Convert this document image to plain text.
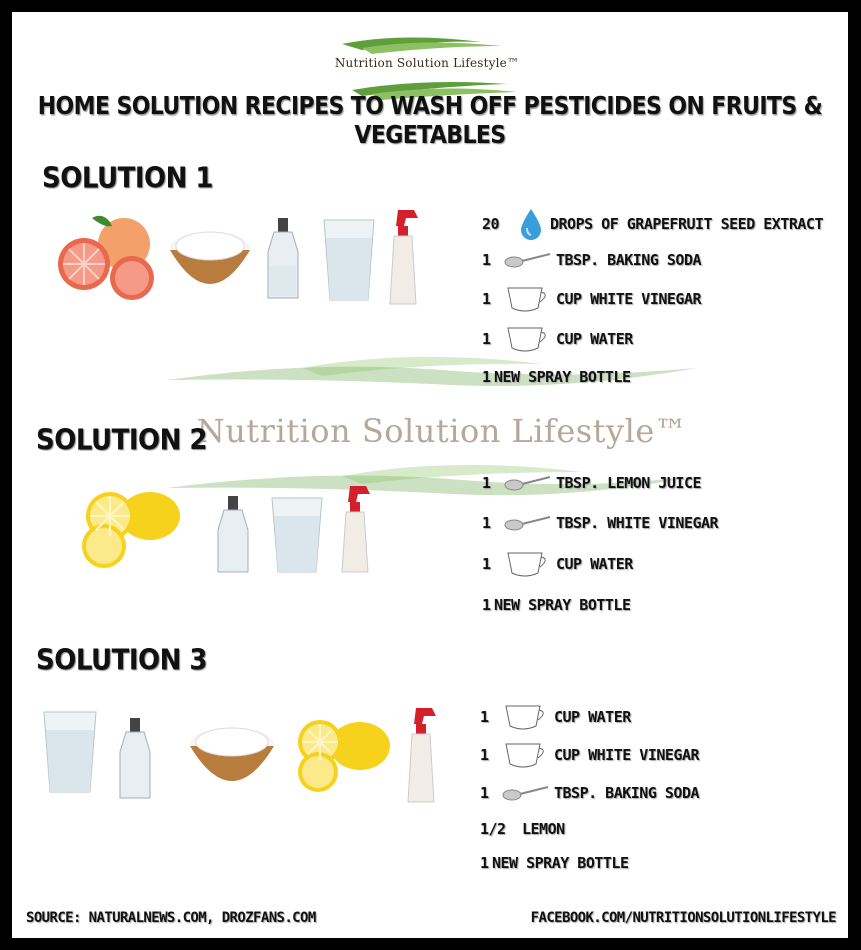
Nutrition Solution Lifestyle™
HOME SOLUTION RECIPES TO WASH OFF PESTICIDES ON FRUITS & VEGETABLES
Nutrition Solution Lifestyle™
SOLUTION 1
20	DROPS OF GRAPEFRUIT SEED EXTRACT
1	TBSP. BAKING SODA
1	CUP WHITE VINEGAR
1	CUP WATER
1 NEW SPRAY BOTTLE
SOLUTION 2
1	TBSP. LEMON JUICE
1	TBSP. WHITE VINEGAR
1	CUP WATER
1 NEW SPRAY BOTTLE
SOLUTION 3
1	CUP WATER
1	CUP WHITE VINEGAR
1	TBSP. BAKING SODA
1/2	LEMON
1 NEW SPRAY BOTTLE
SOURCE: NATURALNEWS.COM, DROZFANS.COM	FACEBOOK.COM/NUTRITIONSOLUTIONLIFESTYLE
